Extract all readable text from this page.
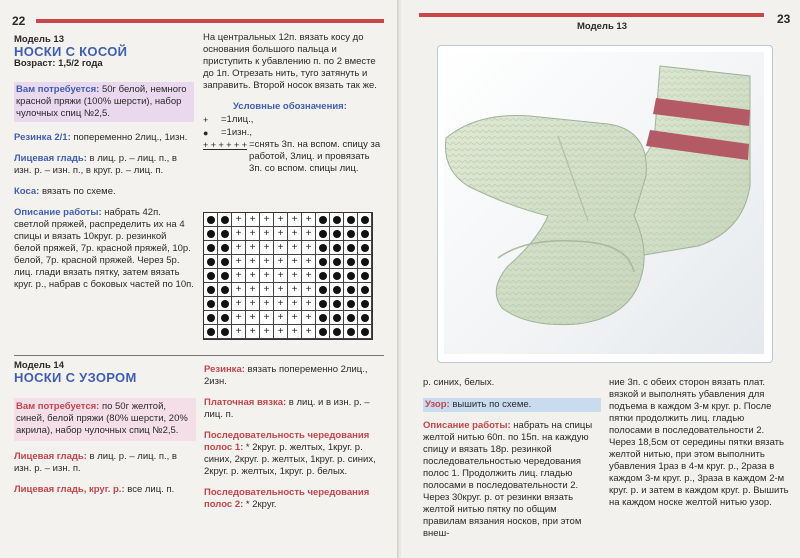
22
Модель 13
НОСКИ С КОСОЙ
Возраст: 1,5/2 года
Вам потребуется: 50г белой, немного красной пряжи (100% шерсти), набор чулочных спиц №2,5.

Резинка 2/1: попеременно 2лиц., 1изн.

Лицевая гладь: в лиц. р. – лиц. п., в изн. р. – изн. п., в круг. р. – лиц. п.

Коса: вязать по схеме.

Описание работы: набрать 42п. светлой пряжей, распределить их на 4 спицы и вязать 10круг. р. резинкой белой пряжей, 7р. красной пряжей, 10р. белой, 7р. красной пряжей. Через 5р. лиц. глади вязать пятку, затем вязать круг. р., набрав с боковых частей по 10п.

На центральных 12п. вязать косу до основания большого пальца и приступить к убавлению п. по 2 вместе до 1п. Отрезать нить, туго затянуть и заправить. Второй носок вязать так же.

Условные обозначения:
+	=1лиц.,
●	=1изн.,
+ + + + + + =снять 3п. на вспом. спицу за работой, 3лиц. и провязать 3п. со вспом. спицы лиц.
+ + + + + +
+ + + + + +
+ + + + + +
+ + + + + +
+ + + + + +
+ + + + + +
+ + + + + +
+ + + + + +
+ + + + + +
Модель 14
НОСКИ С УЗОРОМ
Вам потребуется: по 50г желтой, синей, белой пряжи (80% шерсти, 20% акрила), набор чулочных спиц №2,5.

Лицевая гладь: в лиц. р. – лиц. п., в изн. р. – изн. п.

Лицевая гладь, круг. р.: все лиц. п.

Резинка: вязать попеременно 2лиц., 2изн.

Платочная вязка: в лиц. и в изн. р. – лиц. п.

Последовательность чередования полос 1: * 2круг. р. желтых, 1круг. р. синих, 2круг. р. желтых, 1круг. р. синих, 2круг. р. желтых, 1круг. р. белых.

Последовательность чередования полос 2: * 2круг.

Модель 13
23

р. синих, белых.

Узор: вышить по схеме.

Описание работы: набрать на спицы желтой нитью 60п. по 15п. на каждую спицу и вязать 18р. резинкой последовательностью чередования полос 1. Продолжить лиц. гладью полосами в последовательности 2. Через 30круг. р. от резинки вязать желтой нитью пятку по общим правилам вязания носков, при этом внеш-

ние 3п. с обеих сторон вязать плат. вязкой и выполнять убавления для подъема в каждом 3-м круг. р. После пятки продолжить лиц. гладью полосами в последовательности 2. Через 18,5см от середины пятки вязать желтой нитью, при этом выполнить убавления 1раз в 4-м круг. р., 2раза в каждом 3-м круг. р., 3раза в каждом 2-м круг. р. и затем в каждом круг. р. Вышить на каждом носке желтой нитью узор.
